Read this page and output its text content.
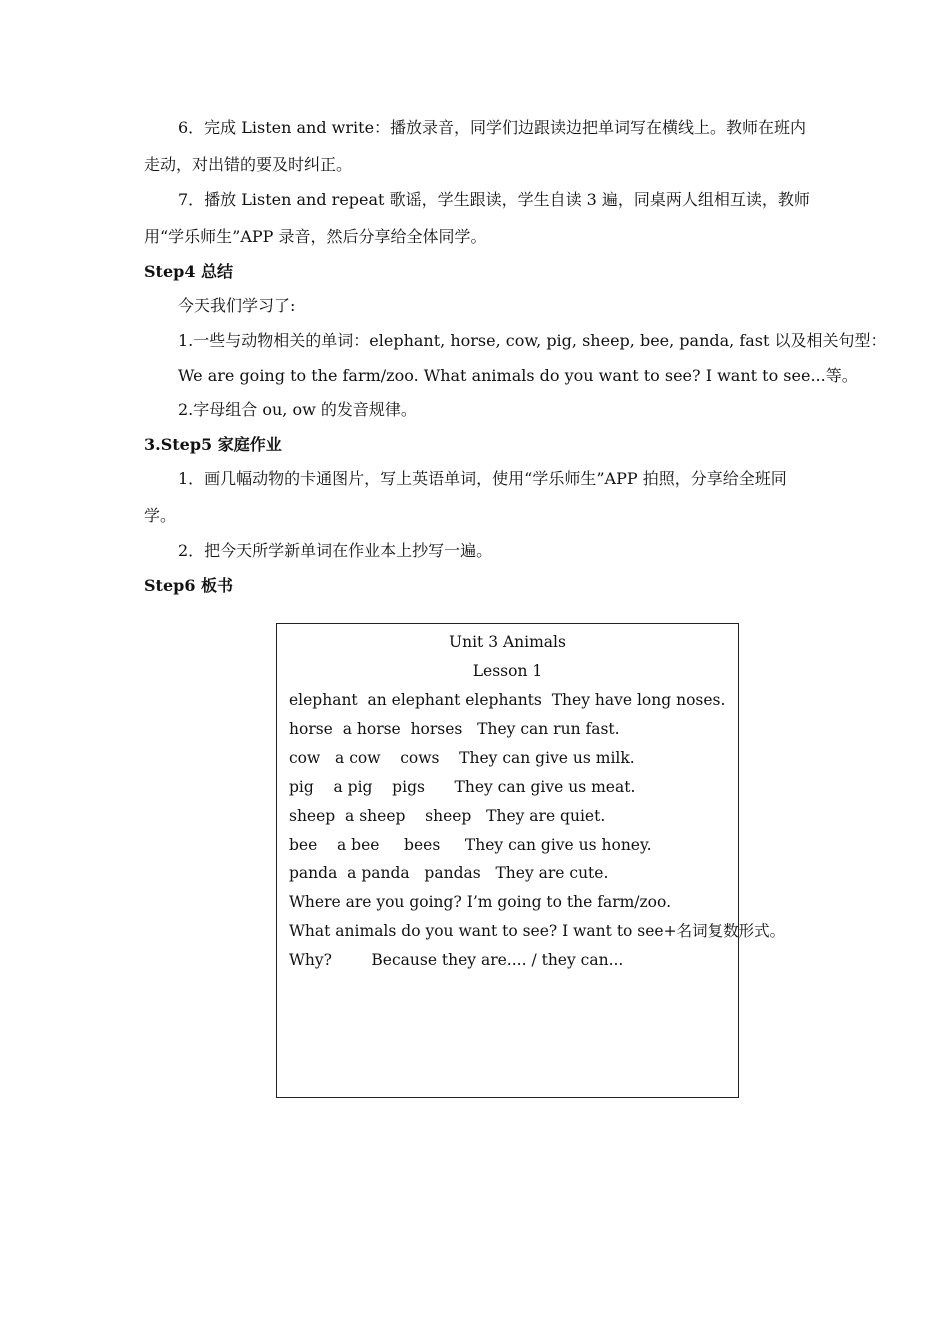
6．完成 Listen and write：播放录音，同学们边跟读边把单词写在横线上。教师在班内
走动，对出错的要及时纠正。
7．播放 Listen and repeat 歌谣，学生跟读，学生自读 3 遍，同桌两人组相互读，教师
用“学乐师生”APP 录音，然后分享给全体同学。
Step4 总结
今天我们学习了:
1.一些与动物相关的单词：elephant, horse, cow, pig, sheep, bee, panda, fast 以及相关句型：
We are going to the farm/zoo. What animals do you want to see? I want to see...等。
2.字母组合 ou, ow 的发音规律。
3.Step5 家庭作业
1．画几幅动物的卡通图片，写上英语单词，使用“学乐师生”APP 拍照，分享给全班同
学。
2．把今天所学新单词在作业本上抄写一遍。
Step6 板书
Unit 3 Animals
Lesson 1
elephant  an elephant elephants  They have long noses.
horse  a horse  horses   They can run fast.
cow   a cow    cows    They can give us milk.
pig    a pig    pigs      They can give us meat.
sheep  a sheep    sheep   They are quiet.
bee    a bee     bees     They can give us honey.
panda  a panda   pandas   They are cute.
Where are you going? I’m going to the farm/zoo.
What animals do you want to see? I want to see+名词复数形式。
Why?        Because they are.... / they can...
